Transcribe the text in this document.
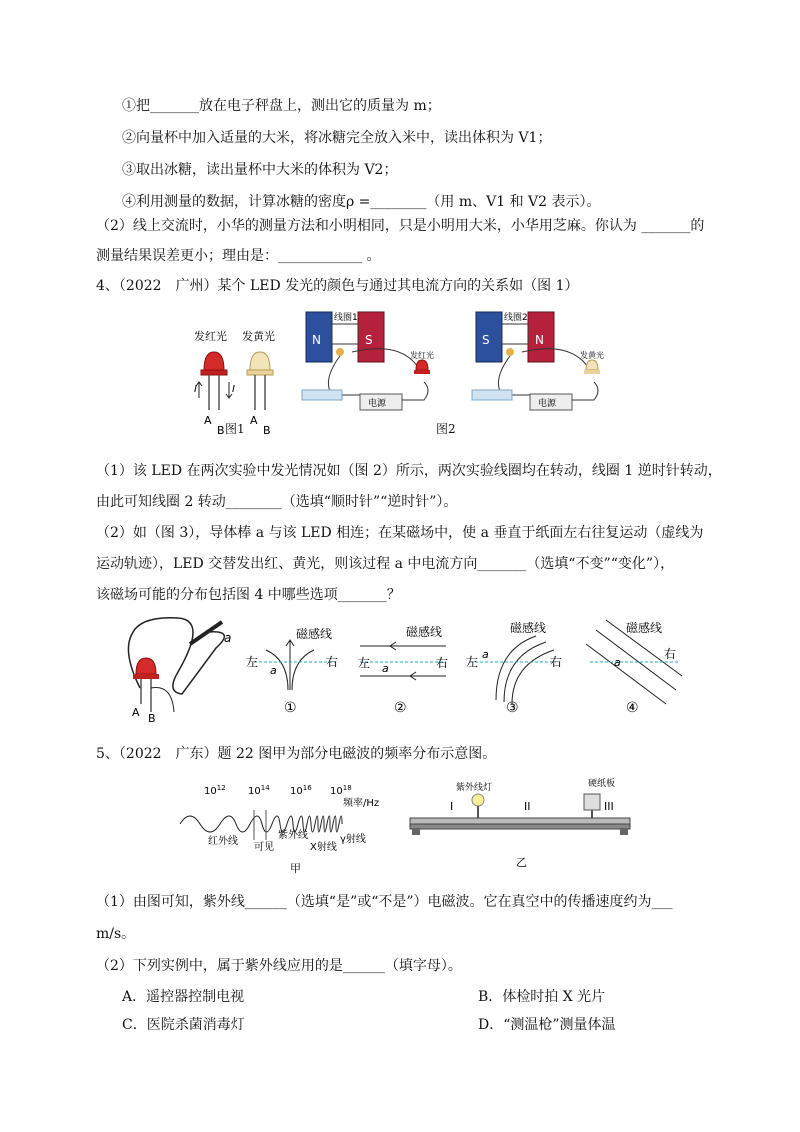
①把_______放在电子秤盘上，测出它的质量为 m；
②向量杯中加入适量的大米，将冰糖完全放入米中，读出体积为 V1；
③取出冰糖，读出量杯中大米的体积为 V2；
④利用测量的数据，计算冰糖的密度ρ =________（用 m、V1 和 V2 表示）。
（2）线上交流时，小华的测量方法和小明相同，只是小明用大米，小华用芝麻。你认为 _______的
测量结果误差更小；理由是：____________ 。
4、（2022　广州）某个 LED 发光的颜色与通过其电流方向的关系如（图 1）
发红光 发黄光
I	I
A
B
A
B
图1
N	S
线圈1
电源
发红光
S	N
线圈2
电源
发黄光
图2
（1）该 LED 在两次实验中发光情况如（图 2）所示，两次实验线圈均在转动，线圈 1 逆时针转动，
由此可知线圈 2 转动________（选填“顺时针”“逆时针”）。
（2）如（图 3），导体棒 a 与该 LED 相连；在某磁场中，使 a 垂直于纸面左右往复运动（虚线为
运动轨迹），LED 交替发出红、黄光，则该过程 a 中电流方向_______（选填“不变”“变化”），
该磁场可能的分布包括图 4 中哪些选项_______？
a
A B
磁感线
左	右
a
①
磁感线
左	右
a
②
磁感线
左	右
a
③
磁感线
右
a
④
5、（2022　广东）题 22 图甲为部分电磁波的频率分布示意图。
$10^{12}$ $10^{14}$ $10^{16}$ $10^{18}$
频率/Hz
红外线
可见
紫外线
X射线
γ射线
甲
紫外线灯	硬纸板
I	II	III
乙
（1）由图可知，紫外线______（选填“是”或“不是”）电磁波。它在真空中的传播速度约为___
m/s。
（2）下列实例中，属于紫外线应用的是______（填字母）。
A．遥控器控制电视	B．体检时拍 X 光片
C．医院杀菌消毒灯	D．“测温枪”测量体温
